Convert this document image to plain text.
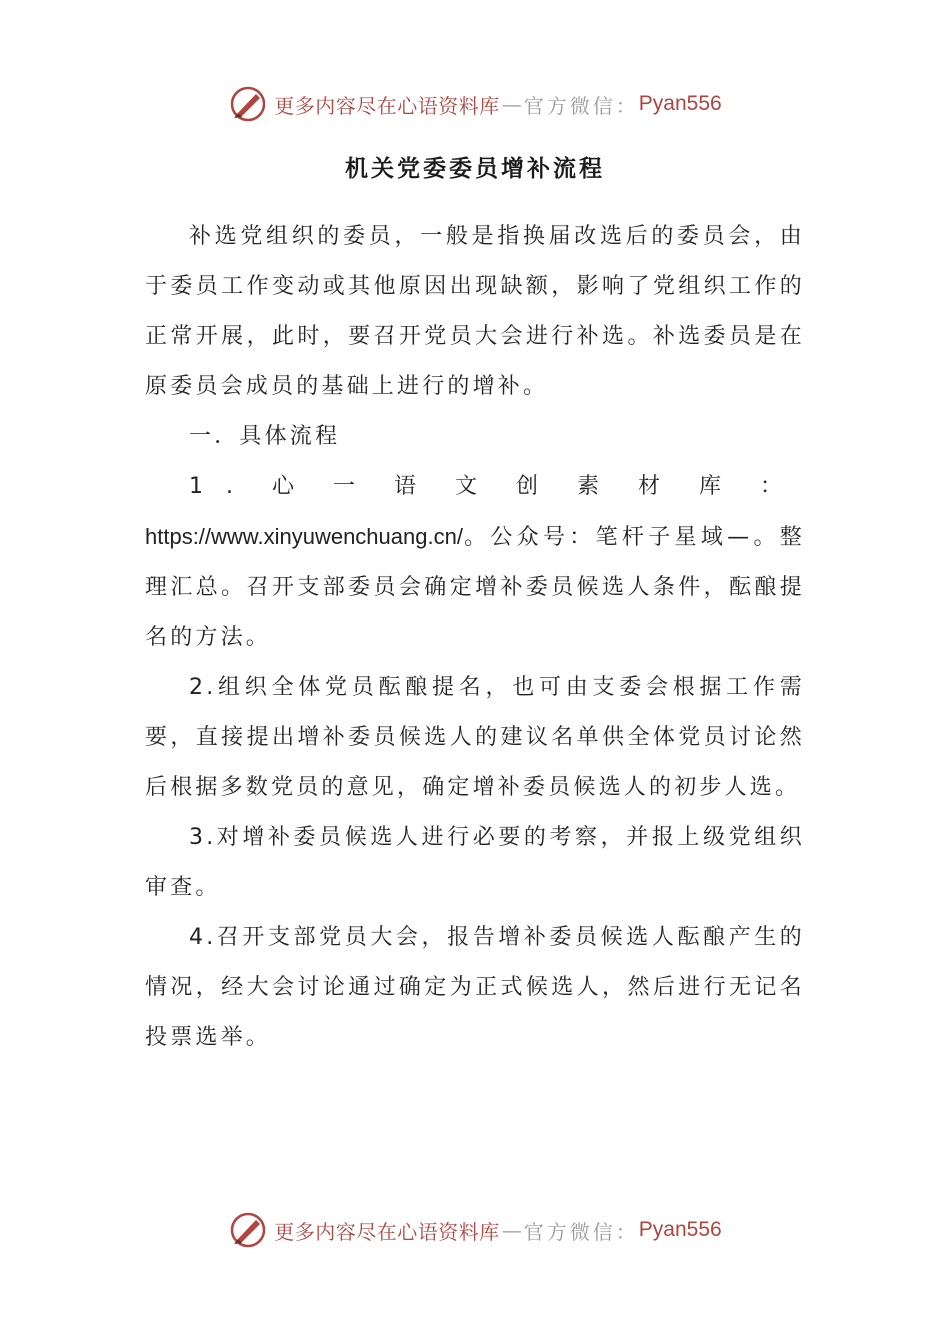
更多内容尽在心语资料库 — 官方微信： Pyan556
机关党委委员增补流程

补选党组织的委员，一般是指换届改选后的委员会，由于委员工作变动或其他原因出现缺额，影响了党组织工作的正常开展，此时，要召开党员大会进行补选。补选委员是在原委员会成员的基础上进行的增补。

一．具体流程

1.心一语文创素材库：https://www.xinyuwenchuang.cn/。公众号：笔杆子星域—。整理汇总。召开支部委员会确定增补委员候选人条件，酝酿提名的方法。

2.组织全体党员酝酿提名，也可由支委会根据工作需要，直接提出增补委员候选人的建议名单供全体党员讨论然后根据多数党员的意见，确定增补委员候选人的初步人选。

3.对增补委员候选人进行必要的考察，并报上级党组织审查。

4.召开支部党员大会，报告增补委员候选人酝酿产生的情况，经大会讨论通过确定为正式候选人，然后进行无记名投票选举。

更多内容尽在心语资料库 — 官方微信： Pyan556
